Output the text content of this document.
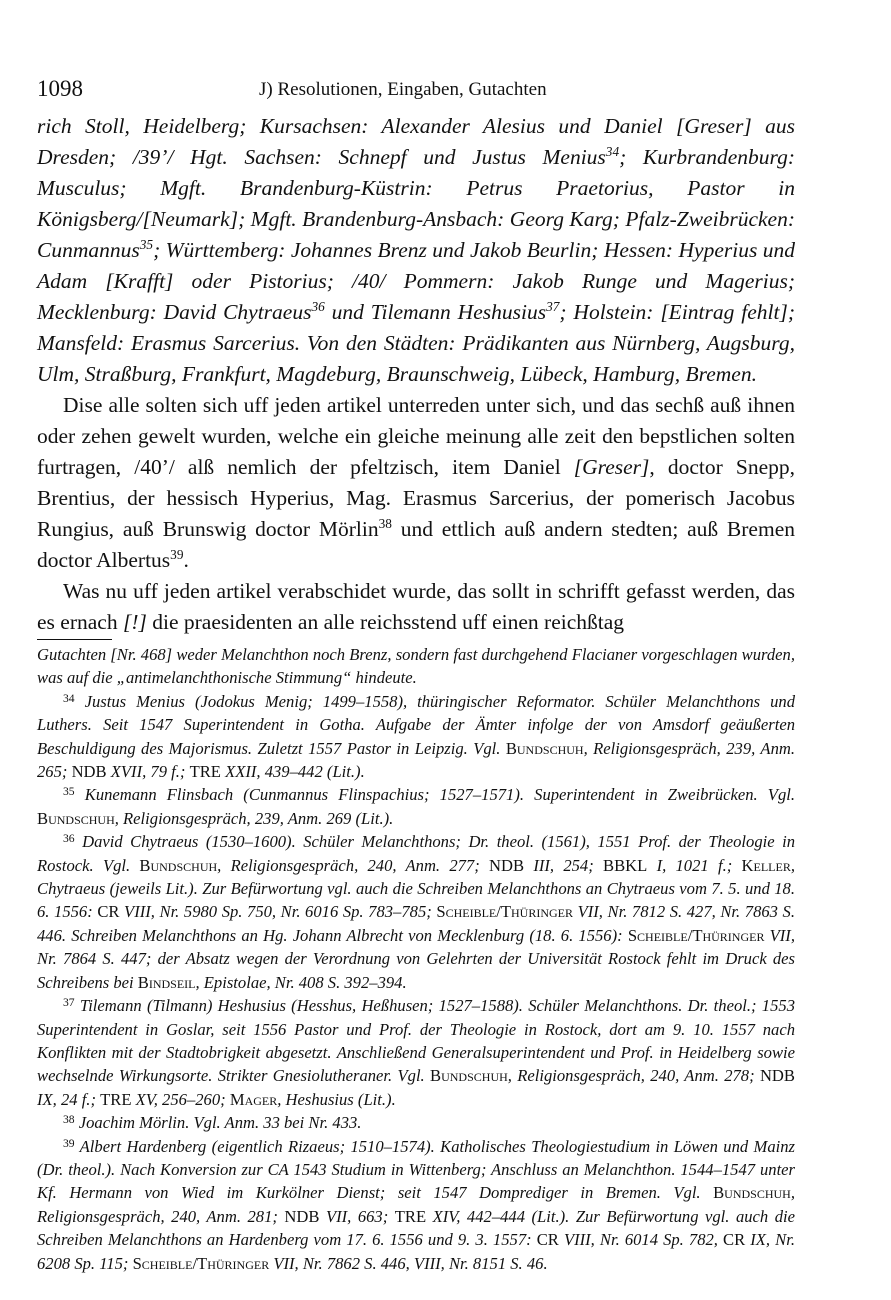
1098	J) Resolutionen, Eingaben, Gutachten

rich Stoll, Heidelberg; Kursachsen: Alexander Alesius und Daniel [Greser] aus Dresden; /39’/ Hgt. Sachsen: Schnepf und Justus Menius$^{34}$; Kurbrandenburg: Musculus; Mgft. Brandenburg-Küstrin: Petrus Praetorius, Pastor in Königsberg/[Neumark]; Mgft. Brandenburg-Ansbach: Georg Karg; Pfalz-Zweibrücken: Cunmannus$^{35}$; Württemberg: Johannes Brenz und Jakob Beurlin; Hessen: Hyperius und Adam [Krafft] oder Pistorius; /40/ Pommern: Jakob Runge und Magerius; Mecklenburg: David Chytraeus$^{36}$ und Tilemann Heshusius$^{37}$; Holstein: [Eintrag fehlt]; Mansfeld: Erasmus Sarcerius. Von den Städten: Prädikanten aus Nürnberg, Augsburg, Ulm, Straßburg, Frankfurt, Magdeburg, Braunschweig, Lübeck, Hamburg, Bremen.

Dise alle solten sich uff jeden artikel unterreden unter sich, und das sechß auß ihnen oder zehen gewelt wurden, welche ein gleiche meinung alle zeit den bepstlichen solten furtragen, /40’/ alß nemlich der pfeltzisch, item Daniel [Greser], doctor Snepp, Brentius, der hessisch Hyperius, Mag. Erasmus Sarcerius, der pomerisch Jacobus Rungius, auß Brunswig doctor Mörlin$^{38}$ und ettlich auß andern stedten; auß Bremen doctor Albertus$^{39}$.

Was nu uff jeden artikel verabschidet wurde, das sollt in schrifft gefasst werden, das es ernach [!] die praesidenten an alle reichsstend uff einen reichßtag

Gutachten [Nr. 468] weder Melanchthon noch Brenz, sondern fast durchgehend Flacianer vorgeschlagen wurden, was auf die „antimelanchthonische Stimmung“ hindeute.

$^{34}$ Justus Menius (Jodokus Menig; 1499–1558), thüringischer Reformator. Schüler Melanchthons und Luthers. Seit 1547 Superintendent in Gotha. Aufgabe der Ämter infolge der von Amsdorf geäußerten Beschuldigung des Majorismus. Zuletzt 1557 Pastor in Leipzig. Vgl. Bundschuh, Religionsgespräch, 239, Anm. 265; NDB XVII, 79 f.; TRE XXII, 439–442 (Lit.).

$^{35}$ Kunemann Flinsbach (Cunmannus Flinspachius; 1527–1571). Superintendent in Zweibrücken. Vgl. Bundschuh, Religionsgespräch, 239, Anm. 269 (Lit.).

$^{36}$ David Chytraeus (1530–1600). Schüler Melanchthons; Dr. theol. (1561), 1551 Prof. der Theologie in Rostock. Vgl. Bundschuh, Religionsgespräch, 240, Anm. 277; NDB III, 254; BBKL I, 1021 f.; Keller, Chytraeus (jeweils Lit.). Zur Befürwortung vgl. auch die Schreiben Melanchthons an Chytraeus vom 7. 5. und 18. 6. 1556: CR VIII, Nr. 5980 Sp. 750, Nr. 6016 Sp. 783–785; Scheible/Thüringer VII, Nr. 7812 S. 427, Nr. 7863 S. 446. Schreiben Melanchthons an Hg. Johann Albrecht von Mecklenburg (18. 6. 1556): Scheible/Thüringer VII, Nr. 7864 S. 447; der Absatz wegen der Verordnung von Gelehrten der Universität Rostock fehlt im Druck des Schreibens bei Bindseil, Epistolae, Nr. 408 S. 392–394.

$^{37}$ Tilemann (Tilmann) Heshusius (Hesshus, Heßhusen; 1527–1588). Schüler Melanchthons. Dr. theol.; 1553 Superintendent in Goslar, seit 1556 Pastor und Prof. der Theologie in Rostock, dort am 9. 10. 1557 nach Konflikten mit der Stadtobrigkeit abgesetzt. Anschließend Generalsuperintendent und Prof. in Heidelberg sowie wechselnde Wirkungsorte. Strikter Gnesiolutheraner. Vgl. Bundschuh, Religionsgespräch, 240, Anm. 278; NDB IX, 24 f.; TRE XV, 256–260; Mager, Heshusius (Lit.).

$^{38}$ Joachim Mörlin. Vgl. Anm. 33 bei Nr. 433.

$^{39}$ Albert Hardenberg (eigentlich Rizaeus; 1510–1574). Katholisches Theologiestudium in Löwen und Mainz (Dr. theol.). Nach Konversion zur CA 1543 Studium in Wittenberg; Anschluss an Melanchthon. 1544–1547 unter Kf. Hermann von Wied im Kurkölner Dienst; seit 1547 Domprediger in Bremen. Vgl. Bundschuh, Religionsgespräch, 240, Anm. 281; NDB VII, 663; TRE XIV, 442–444 (Lit.). Zur Befürwortung vgl. auch die Schreiben Melanchthons an Hardenberg vom 17. 6. 1556 und 9. 3. 1557: CR VIII, Nr. 6014 Sp. 782, CR IX, Nr. 6208 Sp. 115; Scheible/Thüringer VII, Nr. 7862 S. 446, VIII, Nr. 8151 S. 46.
